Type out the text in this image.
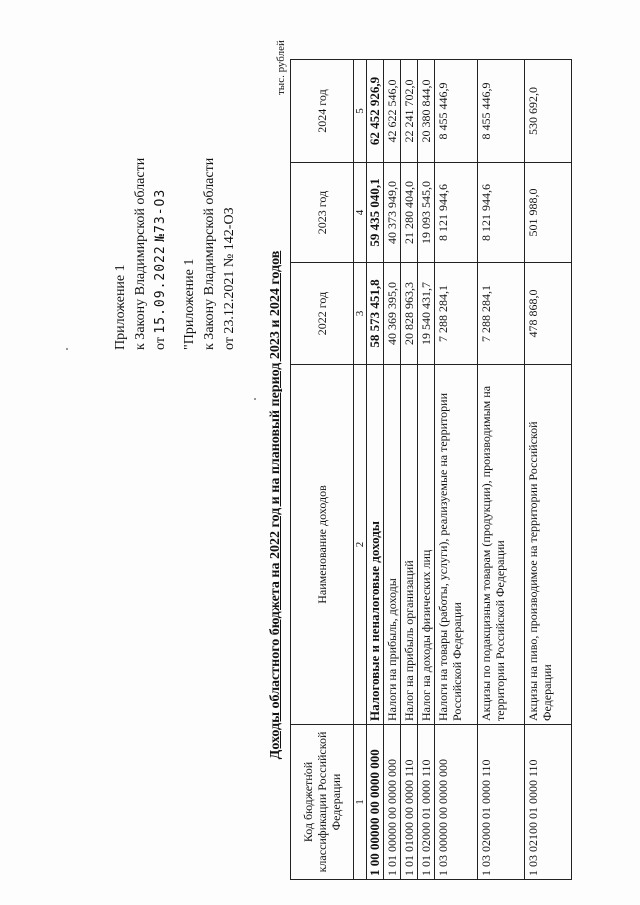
Приложение 1 к Закону Владимирской области от 15.09.2022 №73-ОЗ
"Приложение 1 к Закону Владимирской области от 23.12.2021 № 142-ОЗ Доходы областного бюджета на 2022 год и на плановый период 2023 и 2024 годов
тыс. рублей
Код бюджетной классификации Российской Федерации	Наименование доходов	2022 год	2023 год	2024 год
1	2	3	4	5
1 00 00000 00 0000 000	Налоговые и неналоговые доходы	58 573 451,8	59 435 040,1	62 452 926,9
1 01 00000 00 0000 000	Налоги на прибыль, доходы	40 369 395,0	40 373 949,0	42 622 546,0
1 01 01000 00 0000 110	Налог на прибыль организаций	20 828 963,3	21 280 404,0	22 241 702,0
1 01 02000 01 0000 110	Налог на доходы физических лиц	19 540 431,7	19 093 545,0	20 380 844,0
1 03 00000 00 0000 000	Налоги на товары (работы, услуги), реализуемые на территории Российской Федерации	7 288 284,1	8 121 944,6	8 455 446,9
1 03 02000 01 0000 110	Акцизы по подакцизным товарам (продукции), производимым на территории Российской Федерации	7 288 284,1	8 121 944,6	8 455 446,9
1 03 02100 01 0000 110	Акцизы на пиво, производимое на территории Российской Федерации	478 868,0	501 988,0	530 692,0
